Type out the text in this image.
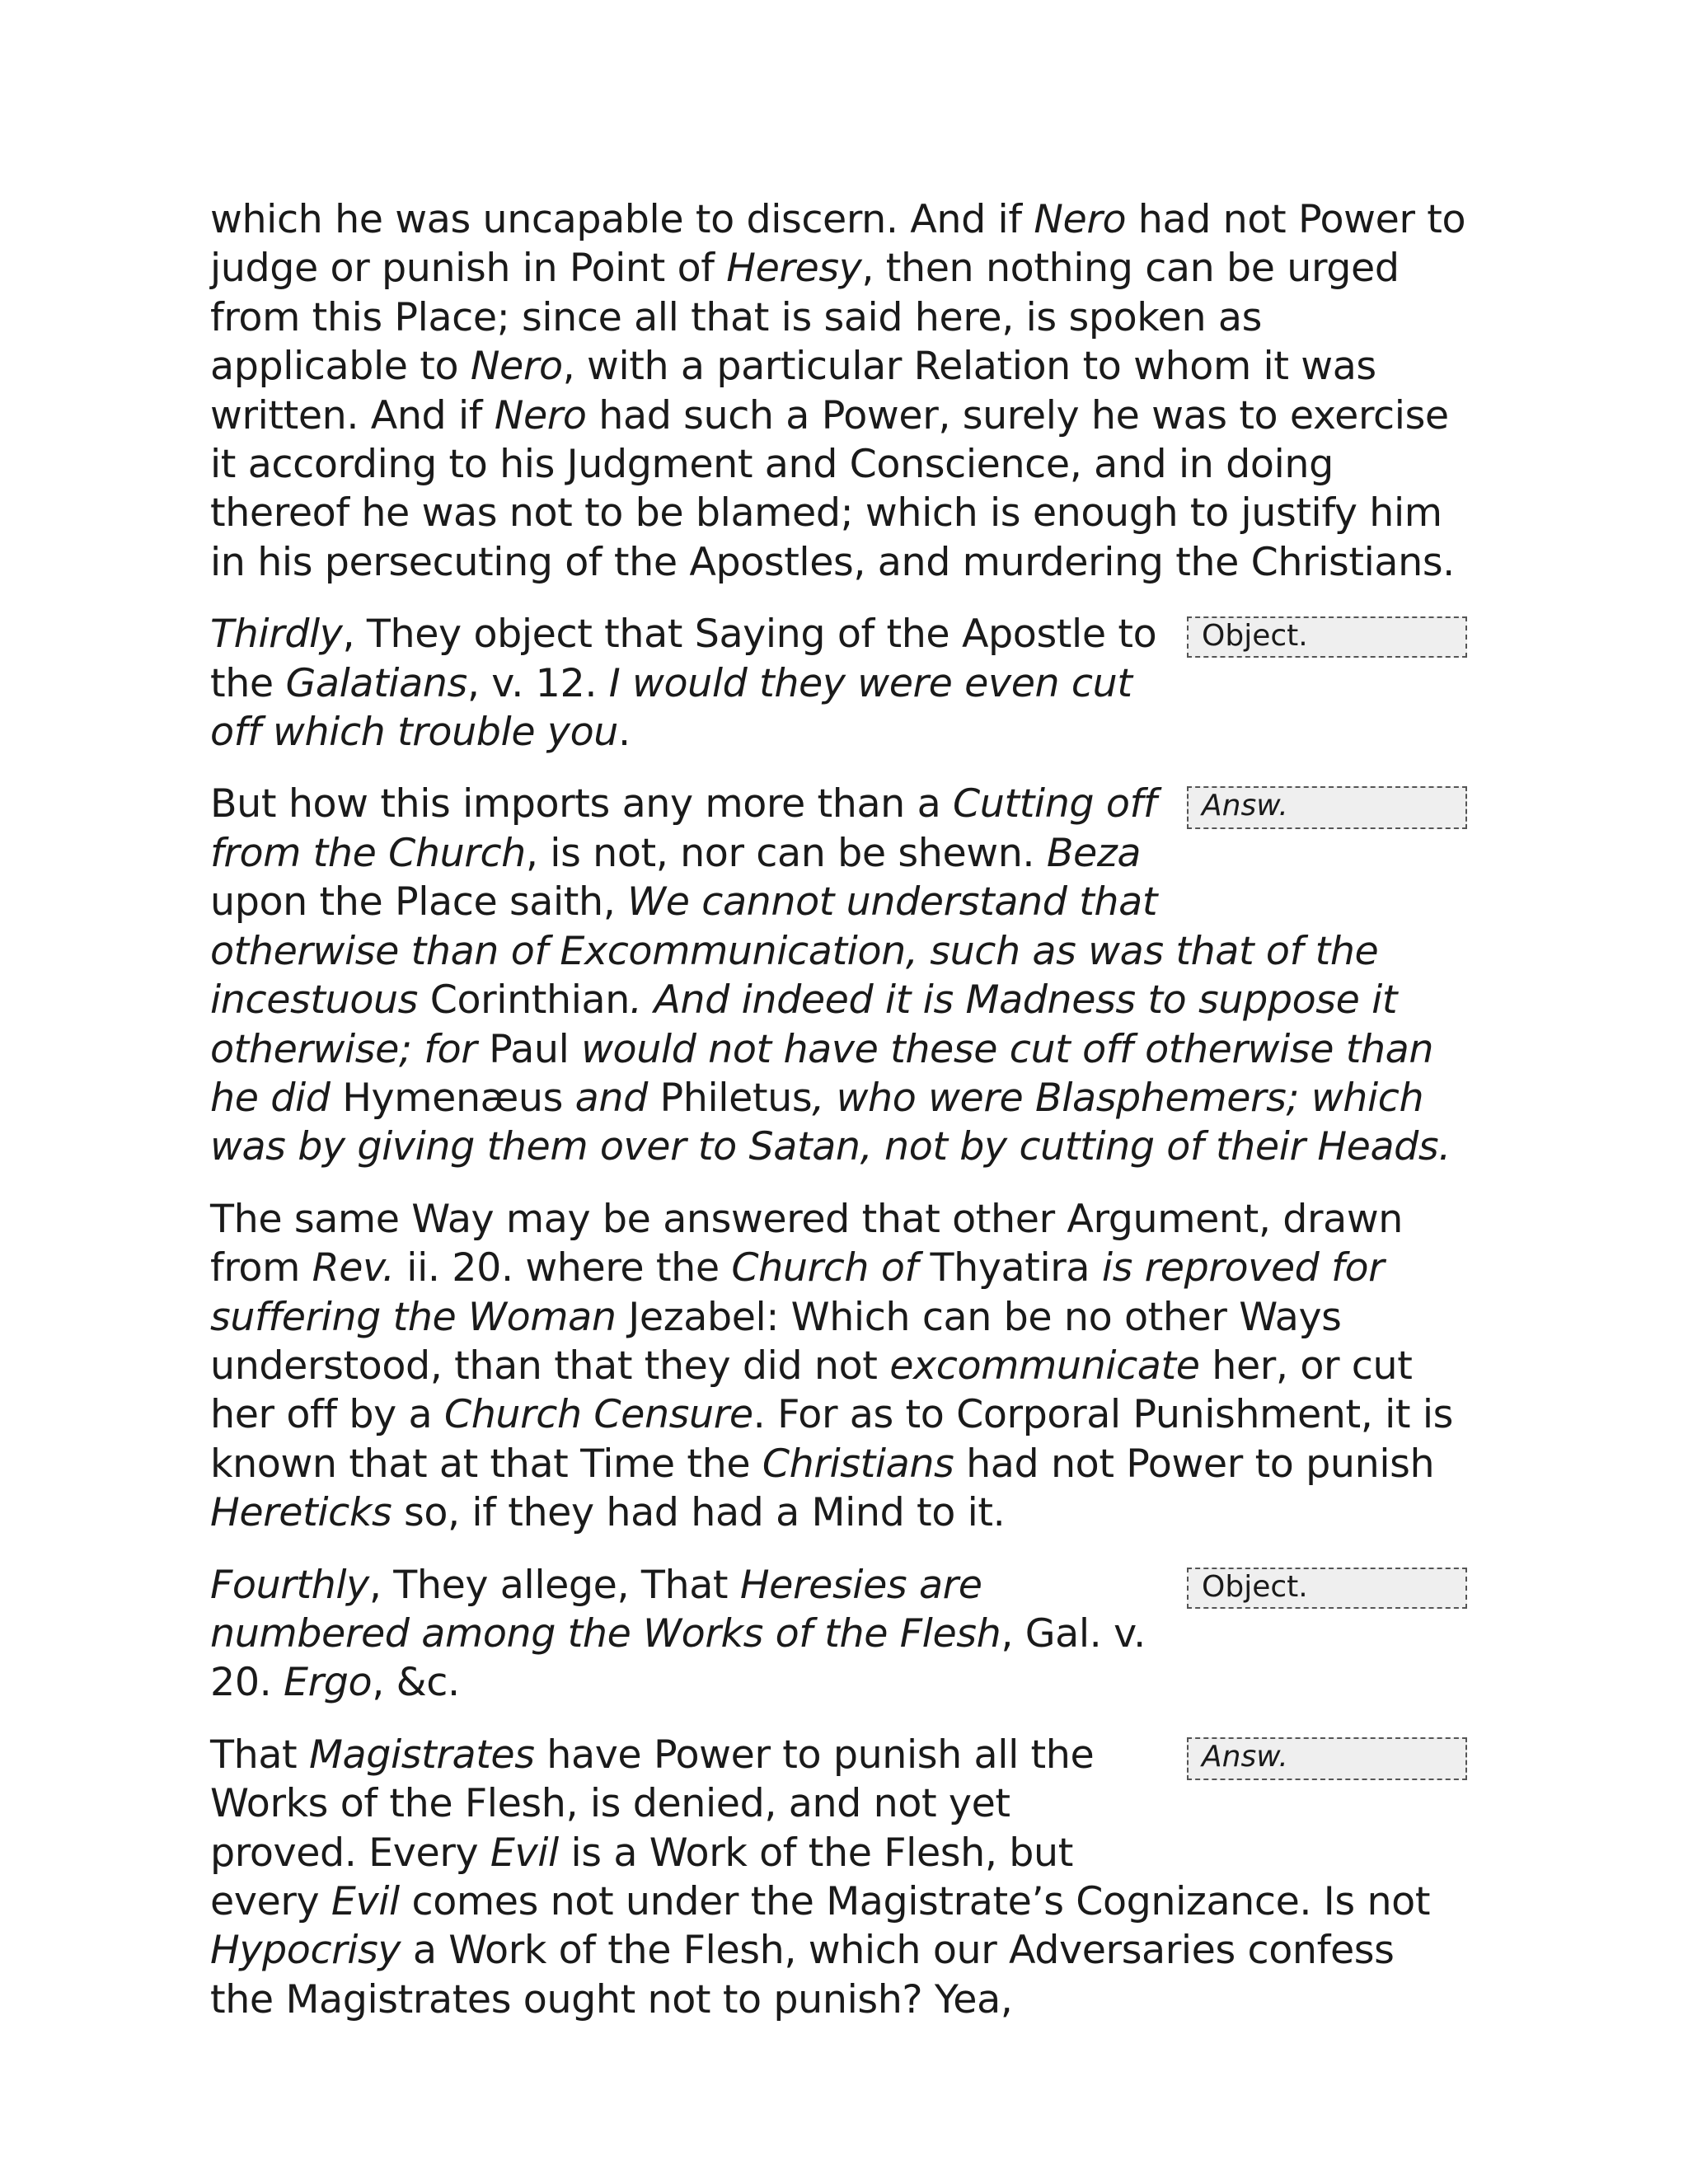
which he was uncapable to discern. And if Nero had not Power to judge or punish in Point of Heresy, then nothing can be urged from this Place; since all that is said here, is spoken as applicable to Nero, with a particular Relation to whom it was written. And if Nero had such a Power, surely he was to exercise it according to his Judgment and Conscience, and in doing thereof he was not to be blamed; which is enough to justify him in his persecuting of the Apostles, and murdering the Christians.

Object.

Thirdly, They object that Saying of the Apostle to the Galatians, v. 12. I would they were even cut off which trouble you.

Answ.

But how this imports any more than a Cutting off from the Church, is not, nor can be shewn. Beza upon the Place saith, We cannot understand that otherwise than of Excommunication, such as was that of the incestuous Corinthian. And indeed it is Madness to suppose it otherwise; for Paul would not have these cut off otherwise than he did Hymenæus and Philetus, who were Blasphemers; which was by giving them over to Satan, not by cutting of their Heads.

The same Way may be answered that other Argument, drawn from Rev. ii. 20. where the Church of Thyatira is reproved for suffering the Woman Jezabel: Which can be no other Ways understood, than that they did not excommunicate her, or cut her off by a Church Censure. For as to Corporal Punishment, it is known that at that Time the Christians had not Power to punish Hereticks so, if they had had a Mind to it.

Object.

Fourthly, They allege, That Heresies are numbered among the Works of the Flesh, Gal. v. 20. Ergo, &c.

Answ.

That Magistrates have Power to punish all the Works of the Flesh, is denied, and not yet proved. Every Evil is a Work of the Flesh, but every Evil comes not under the Magistrate’s Cognizance. Is not Hypocrisy a Work of the Flesh, which our Adversaries confess the Magistrates ought not to punish? Yea,
